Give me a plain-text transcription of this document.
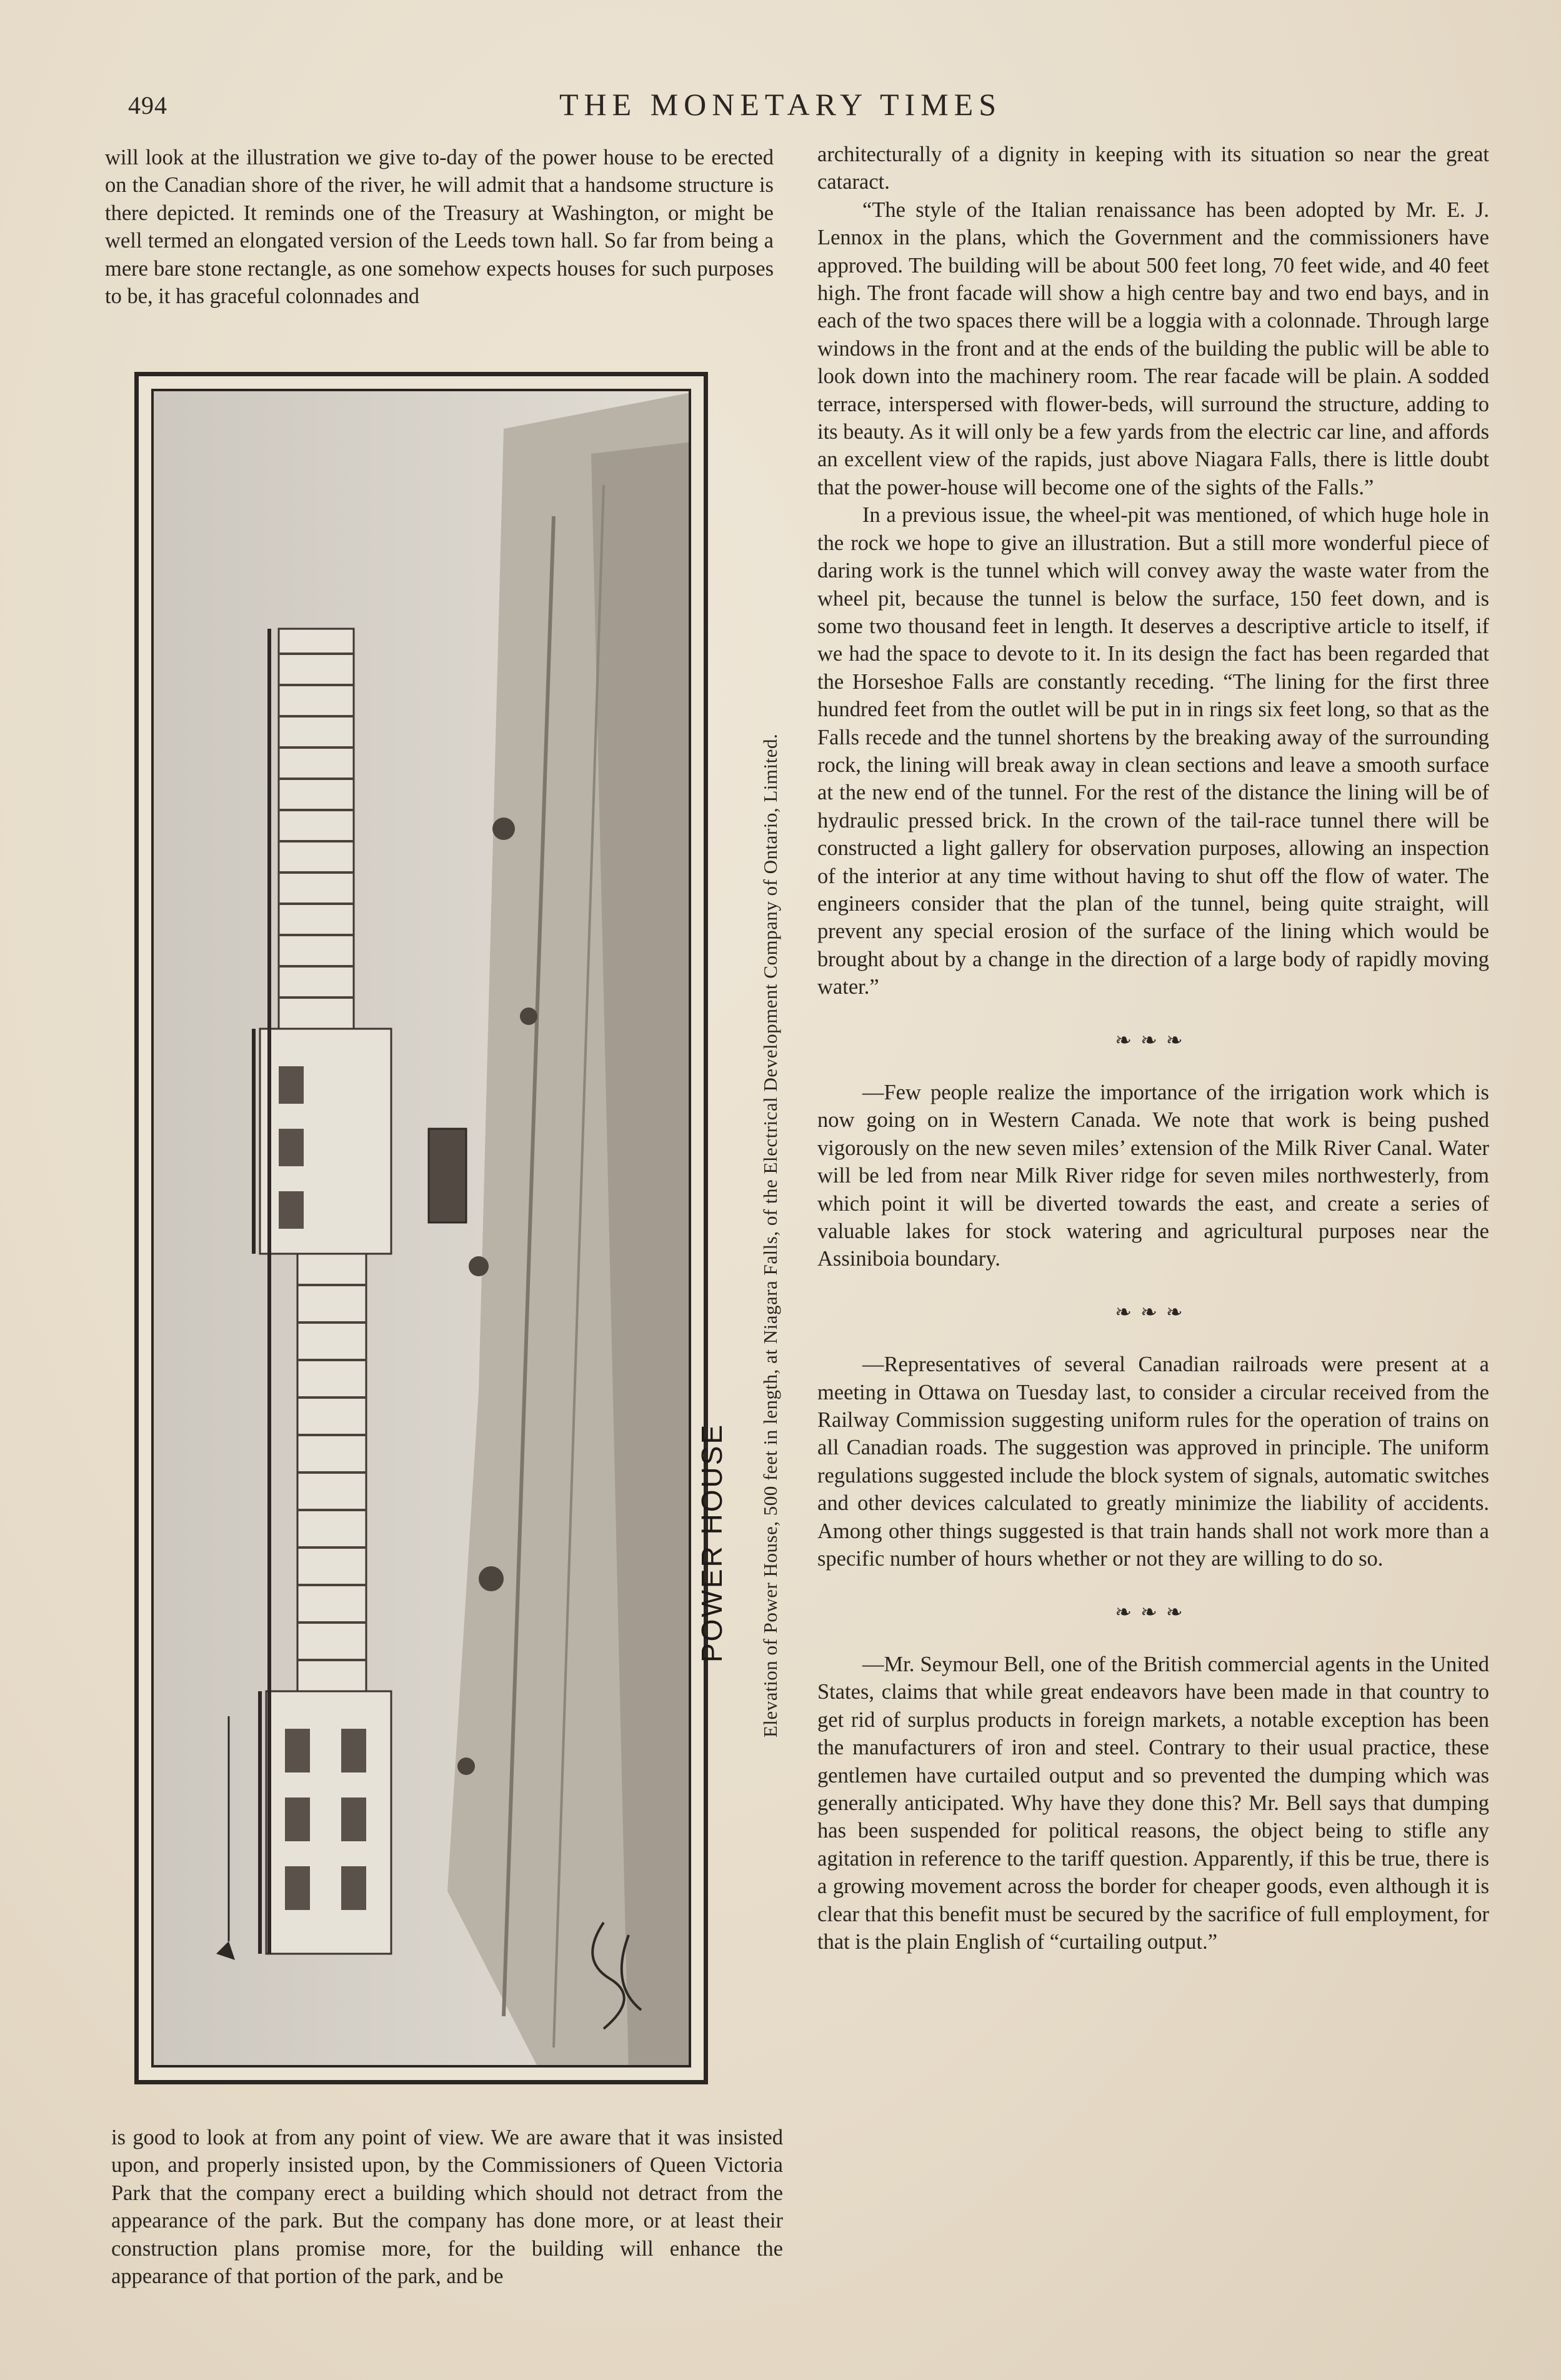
494	THE MONETARY TIMES

will look at the illustration we give to-day of the power house to be erected on the Canadian shore of the river, he will admit that a handsome structure is there depicted. It reminds one of the Treasury at Washington, or might be well termed an elongated version of the Leeds town hall. So far from being a mere bare stone rectangle, as one somehow expects houses for such purposes to be, it has graceful colonnades and

POWER HOUSE Elevation of Power House, 500 feet in length, at Niagara Falls, of the Electrical Development Company of Ontario, Limited.

is good to look at from any point of view. We are aware that it was insisted upon, and properly insisted upon, by the Commissioners of Queen Victoria Park that the company erect a building which should not detract from the appearance of the park. But the company has done more, or at least their construction plans promise more, for the building will enhance the appearance of that portion of the park, and be

architecturally of a dignity in keeping with its situation so near the great cataract.

“The style of the Italian renaissance has been adopted by Mr. E. J. Lennox in the plans, which the Government and the commissioners have approved. The building will be about 500 feet long, 70 feet wide, and 40 feet high. The front facade will show a high centre bay and two end bays, and in each of the two spaces there will be a loggia with a colonnade. Through large windows in the front and at the ends of the building the public will be able to look down into the machinery room. The rear facade will be plain. A sodded terrace, interspersed with flower-beds, will surround the structure, adding to its beauty. As it will only be a few yards from the electric car line, and affords an excellent view of the rapids, just above Niagara Falls, there is little doubt that the power-house will become one of the sights of the Falls.”

In a previous issue, the wheel-pit was mentioned, of which huge hole in the rock we hope to give an illustration. But a still more wonderful piece of daring work is the tunnel which will convey away the waste water from the wheel pit, because the tunnel is below the surface, 150 feet down, and is some two thousand feet in length. It deserves a descriptive article to itself, if we had the space to devote to it. In its design the fact has been regarded that the Horseshoe Falls are constantly receding. “The lining for the first three hundred feet from the outlet will be put in in rings six feet long, so that as the Falls recede and the tunnel shortens by the breaking away of the surrounding rock, the lining will break away in clean sections and leave a smooth surface at the new end of the tunnel. For the rest of the distance the lining will be of hydraulic pressed brick. In the crown of the tail-race tunnel there will be constructed a light gallery for observation purposes, allowing an inspection of the interior at any time without having to shut off the flow of water. The engineers consider that the plan of the tunnel, being quite straight, will prevent any special erosion of the surface of the lining which would be brought about by a change in the direction of a large body of rapidly moving water.”

❧❧❧

—Few people realize the importance of the irrigation work which is now going on in Western Canada. We note that work is being pushed vigorously on the new seven miles’ extension of the Milk River Canal. Water will be led from near Milk River ridge for seven miles northwesterly, from which point it will be diverted towards the east, and create a series of valuable lakes for stock watering and agricultural purposes near the Assiniboia boundary.

❧❧❧

—Representatives of several Canadian railroads were present at a meeting in Ottawa on Tuesday last, to consider a circular received from the Railway Commission suggesting uniform rules for the operation of trains on all Canadian roads. The suggestion was approved in principle. The uniform regulations suggested include the block system of signals, automatic switches and other devices calculated to greatly minimize the liability of accidents. Among other things suggested is that train hands shall not work more than a specific number of hours whether or not they are willing to do so.

❧❧❧

—Mr. Seymour Bell, one of the British commercial agents in the United States, claims that while great endeavors have been made in that country to get rid of surplus products in foreign markets, a notable exception has been the manufacturers of iron and steel. Contrary to their usual practice, these gentlemen have curtailed output and so prevented the dumping which was generally anticipated. Why have they done this? Mr. Bell says that dumping has been suspended for political reasons, the object being to stifle any agitation in reference to the tariff question. Apparently, if this be true, there is a growing movement across the border for cheaper goods, even although it is clear that this benefit must be secured by the sacrifice of full employment, for that is the plain English of “curtailing output.”
